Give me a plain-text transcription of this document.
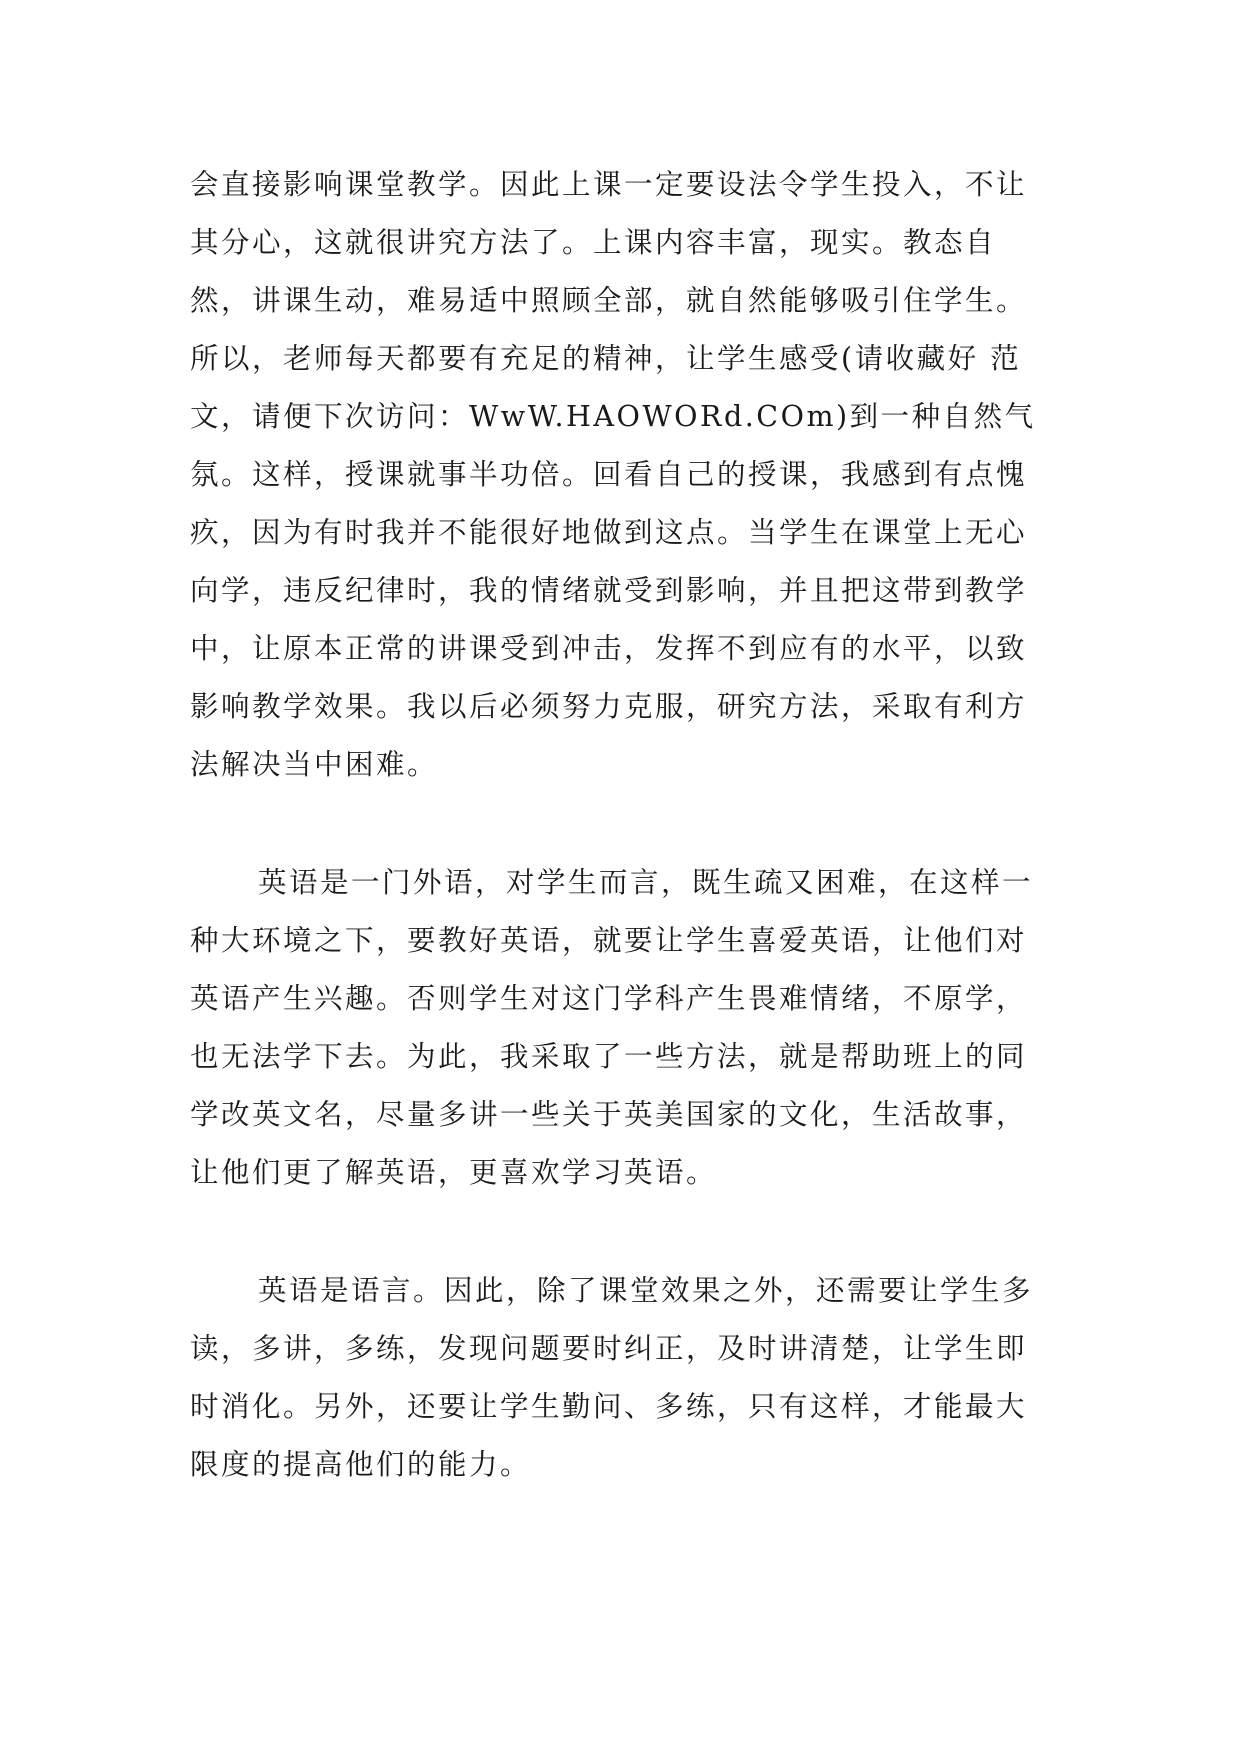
会直接影响课堂教学。因此上课一定要设法令学生投入，不让其分心，这就很讲究方法了。上课内容丰富，现实。教态自然，讲课生动，难易适中照顾全部，就自然能够吸引住学生。所以，老师每天都要有充足的精神，让学生感受(请收藏好 范 文，请便下次访问：WwW.HAOWORd.COm)到一种自然气氛。这样，授课就事半功倍。回看自己的授课，我感到有点愧疚，因为有时我并不能很好地做到这点。当学生在课堂上无心向学，违反纪律时，我的情绪就受到影响，并且把这带到教学中，让原本正常的讲课受到冲击，发挥不到应有的水平，以致影响教学效果。我以后必须努力克服，研究方法，采取有利方法解决当中困难。

英语是一门外语，对学生而言，既生疏又困难，在这样一种大环境之下，要教好英语，就要让学生喜爱英语，让他们对英语产生兴趣。否则学生对这门学科产生畏难情绪，不原学，也无法学下去。为此，我采取了一些方法，就是帮助班上的同学改英文名，尽量多讲一些关于英美国家的文化，生活故事，让他们更了解英语，更喜欢学习英语。

英语是语言。因此，除了课堂效果之外，还需要让学生多读，多讲，多练，发现问题要时纠正，及时讲清楚，让学生即时消化。另外，还要让学生勤问、多练，只有这样，才能最大限度的提高他们的能力。
